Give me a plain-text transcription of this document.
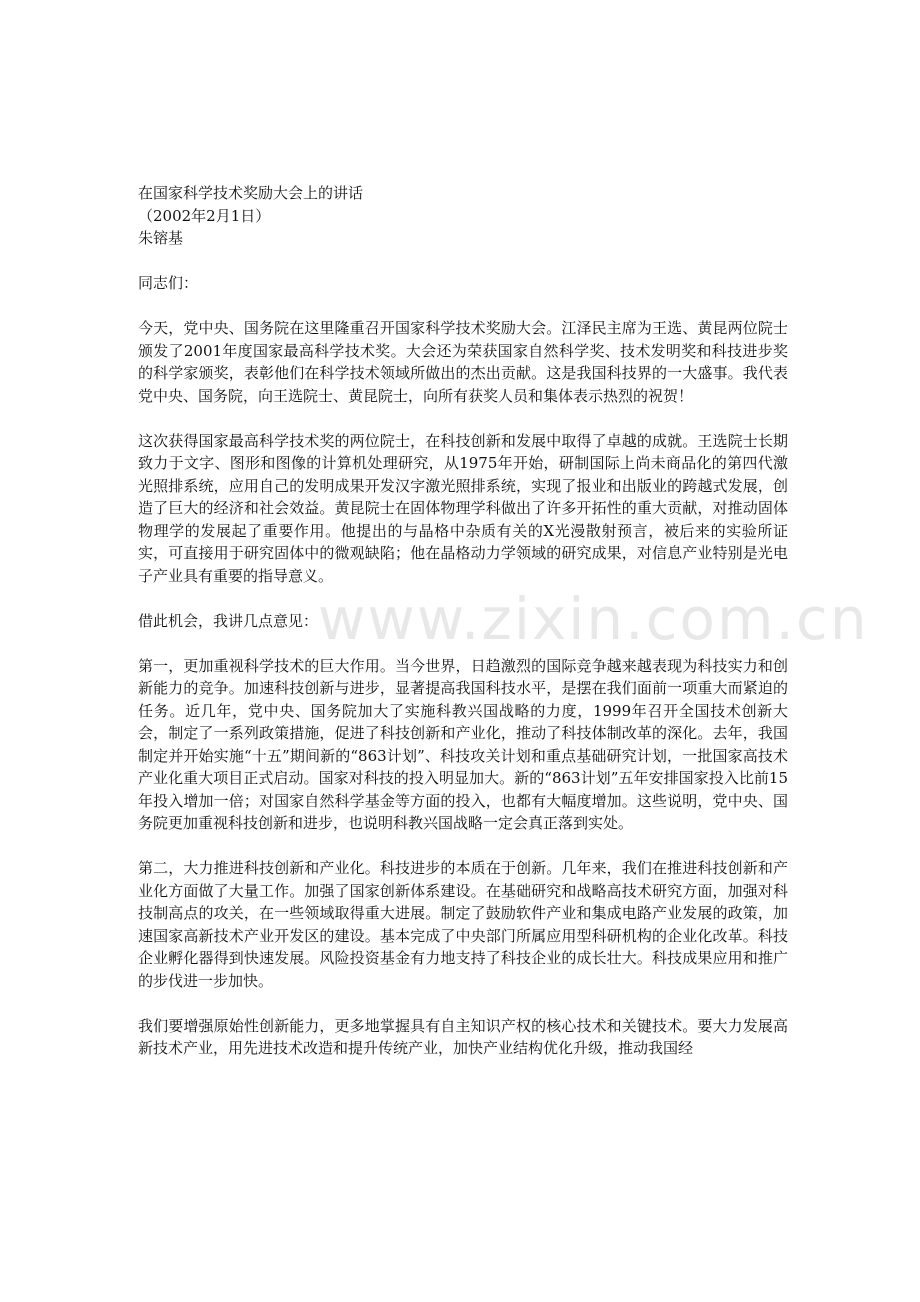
在国家科学技术奖励大会上的讲话

（2002年2月1日）

朱镕基

同志们：

今天，党中央、国务院在这里隆重召开国家科学技术奖励大会。江泽民主席为王选、黄昆两位院士颁发了2001年度国家最高科学技术奖。大会还为荣获国家自然科学奖、技术发明奖和科技进步奖的科学家颁奖，表彰他们在科学技术领域所做出的杰出贡献。这是我国科技界的一大盛事。我代表党中央、国务院，向王选院士、黄昆院士，向所有获奖人员和集体表示热烈的祝贺！

这次获得国家最高科学技术奖的两位院士，在科技创新和发展中取得了卓越的成就。王选院士长期致力于文字、图形和图像的计算机处理研究，从1975年开始，研制国际上尚未商品化的第四代激光照排系统，应用自己的发明成果开发汉字激光照排系统，实现了报业和出版业的跨越式发展，创造了巨大的经济和社会效益。黄昆院士在固体物理学科做出了许多开拓性的重大贡献，对推动固体物理学的发展起了重要作用。他提出的与晶格中杂质有关的X光漫散射预言，被后来的实验所证实，可直接用于研究固体中的微观缺陷；他在晶格动力学领域的研究成果，对信息产业特别是光电子产业具有重要的指导意义。

借此机会，我讲几点意见：

第一，更加重视科学技术的巨大作用。当今世界，日趋激烈的国际竞争越来越表现为科技实力和创新能力的竞争。加速科技创新与进步，显著提高我国科技水平，是摆在我们面前一项重大而紧迫的任务。近几年，党中央、国务院加大了实施科教兴国战略的力度，1999年召开全国技术创新大会，制定了一系列政策措施，促进了科技创新和产业化，推动了科技体制改革的深化。去年，我国制定并开始实施“十五”期间新的“863计划”、科技攻关计划和重点基础研究计划，一批国家高技术产业化重大项目正式启动。国家对科技的投入明显加大。新的“863计划”五年安排国家投入比前15年投入增加一倍；对国家自然科学基金等方面的投入，也都有大幅度增加。这些说明，党中央、国务院更加重视科技创新和进步，也说明科教兴国战略一定会真正落到实处。

第二，大力推进科技创新和产业化。科技进步的本质在于创新。几年来，我们在推进科技创新和产业化方面做了大量工作。加强了国家创新体系建设。在基础研究和战略高技术研究方面，加强对科技制高点的攻关，在一些领域取得重大进展。制定了鼓励软件产业和集成电路产业发展的政策，加速国家高新技术产业开发区的建设。基本完成了中央部门所属应用型科研机构的企业化改革。科技企业孵化器得到快速发展。风险投资基金有力地支持了科技企业的成长壮大。科技成果应用和推广的步伐进一步加快。

我们要增强原始性创新能力，更多地掌握具有自主知识产权的核心技术和关键技术。要大力发展高新技术产业，用先进技术改造和提升传统产业，加快产业结构优化升级，推动我国经

www.zixin.com.cn
